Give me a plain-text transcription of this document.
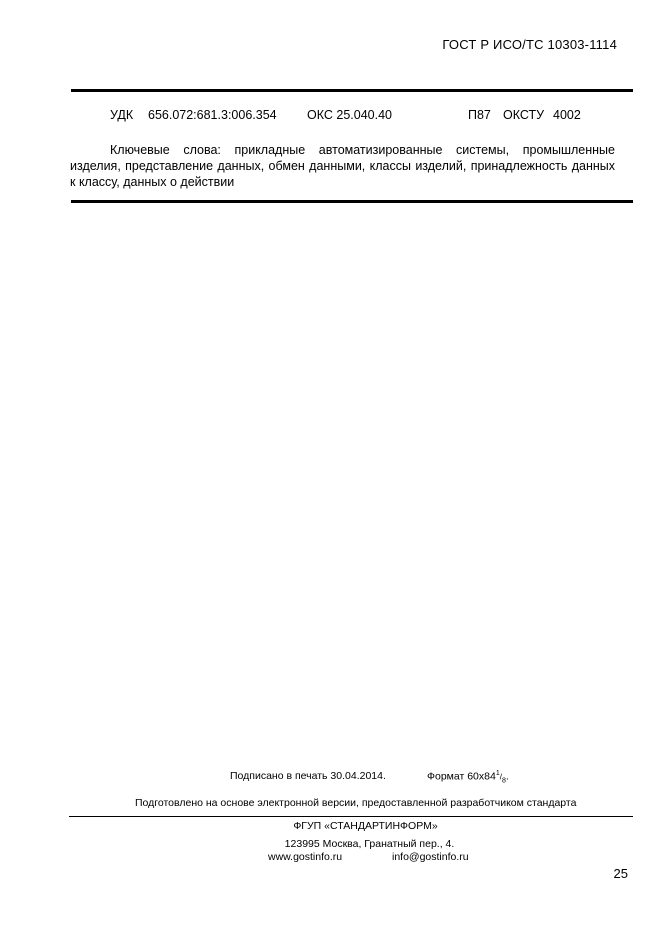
ГОСТ Р ИСО/ТС 10303-1114
УДК 656.072:681.3:006.354 ОКС 25.040.40	П87 ОКСТУ 4002
Ключевые слова: прикладные автоматизированные системы, промышленные изделия, представление данных, обмен данными, классы изделий, принадлежность данных к классу, данных о действии
Подписано в печать 30.04.2014.	Формат $60х84^1/_8$.
Подготовлено на основе электронной версии, предоставленной разработчиком стандарта
ФГУП «СТАНДАРТИНФОРМ»
123995 Москва, Гранатный пер., 4.
www.gostinfo.ru	info@gostinfo.ru
25
